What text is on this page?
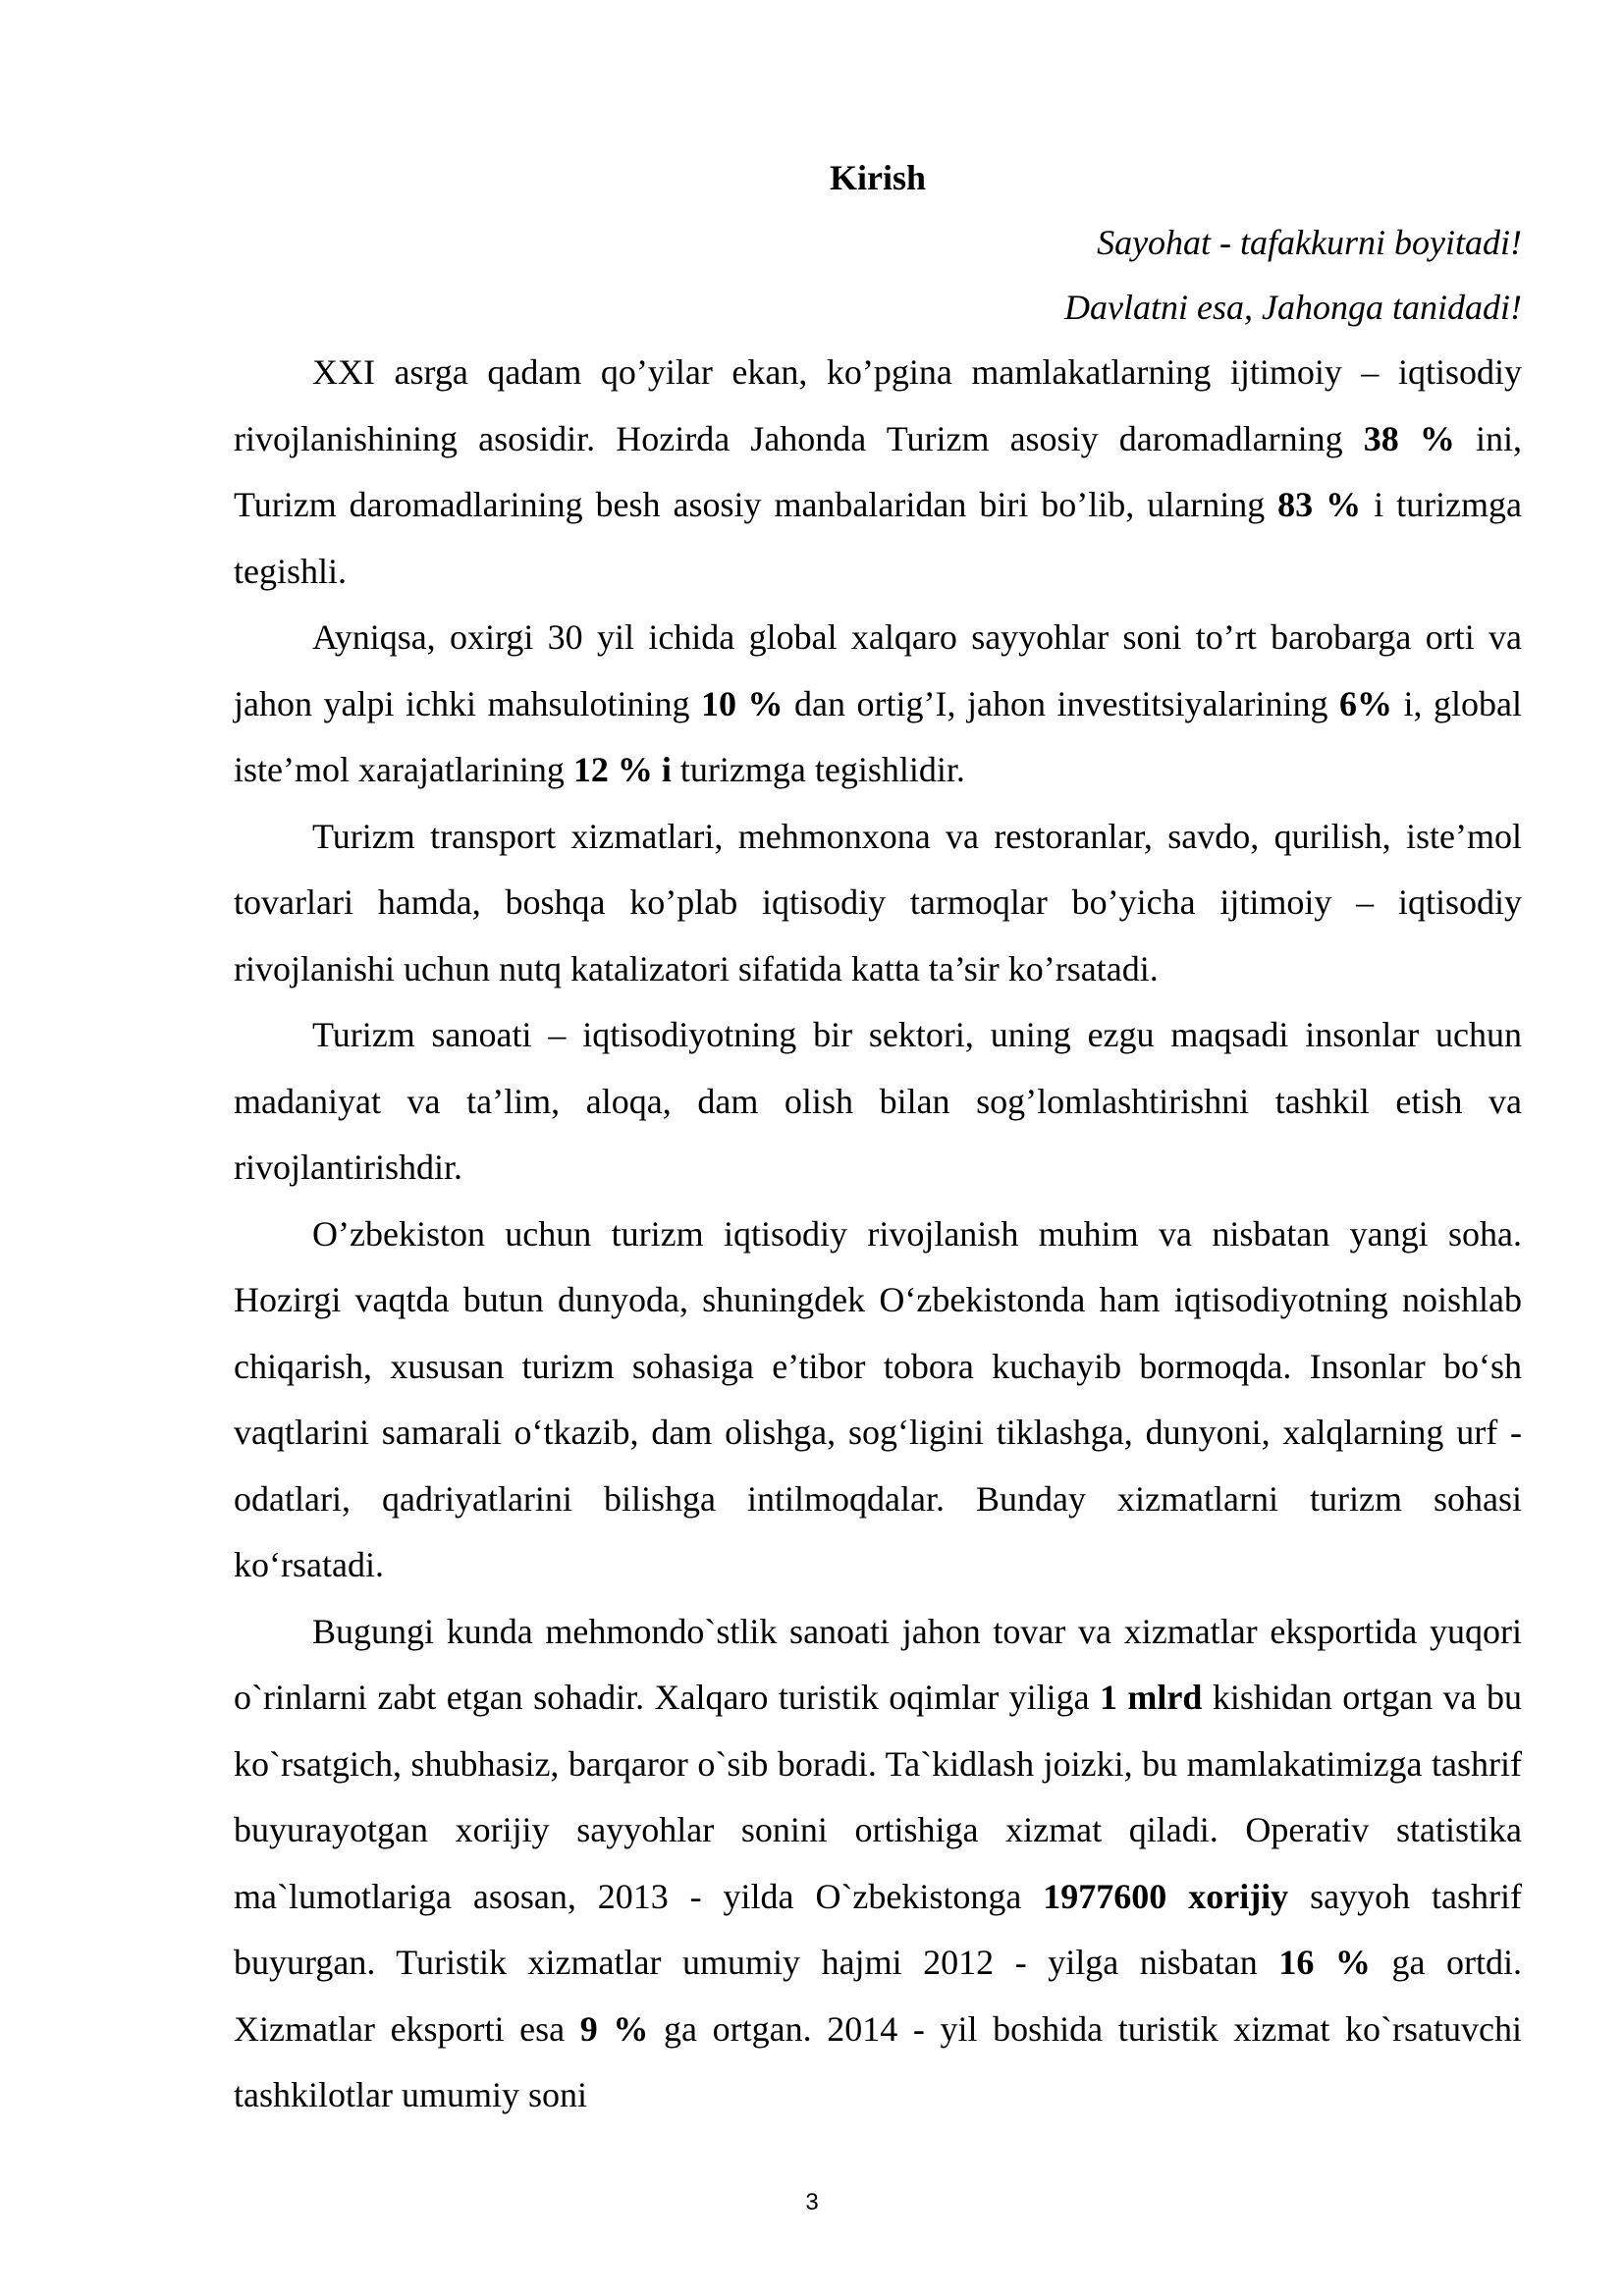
Kirish

Sayohat - tafakkurni boyitadi!

Davlatni esa, Jahonga tanidadi!

XXI asrga qadam qo’yilar ekan, ko’pgina mamlakatlarning ijtimoiy – iqtisodiy rivojlanishining asosidir. Hozirda Jahonda Turizm asosiy daromadlarning 38 % ini, Turizm daromadlarining besh asosiy manbalaridan biri bo’lib, ularning 83 % i turizmga tegishli.

Ayniqsa, oxirgi 30 yil ichida global xalqaro sayyohlar soni to’rt barobarga orti va jahon yalpi ichki mahsulotining 10 % dan ortig’I, jahon investitsiyalarining 6% i, global iste’mol xarajatlarining 12 % i turizmga tegishlidir.

Turizm transport xizmatlari, mehmonxona va restoranlar, savdo, qurilish, iste’mol tovarlari hamda, boshqa ko’plab iqtisodiy tarmoqlar bo’yicha ijtimoiy – iqtisodiy rivojlanishi uchun nutq katalizatori sifatida katta ta’sir ko’rsatadi.

Turizm sanoati – iqtisodiyotning bir sektori, uning ezgu maqsadi insonlar uchun madaniyat va ta’lim, aloqa, dam olish bilan sog’lomlashtirishni tashkil etish va rivojlantirishdir.

O’zbekiston uchun turizm iqtisodiy rivojlanish muhim va nisbatan yangi soha. Hozirgi vaqtda butun dunyoda, shuningdek O‘zbekistonda ham iqtisodiyotning noishlab chiqarish, xususan turizm sohasiga e’tibor tobora kuchayib bormoqda. Insonlar bo‘sh vaqtlarini samarali o‘tkazib, dam olishga, sog‘ligini tiklashga, dunyoni, xalqlarning urf - odatlari, qadriyatlarini bilishga intilmoqdalar. Bunday xizmatlarni turizm sohasi ko‘rsatadi.

Bugungi kunda mehmondo`stlik sanoati jahon tovar va xizmatlar eksportida yuqori o`rinlarni zabt etgan sohadir. Xalqaro turistik oqimlar yiliga 1 mlrd kishidan ortgan va bu ko`rsatgich, shubhasiz, barqaror o`sib boradi. Ta`kidlash joizki, bu mamlakatimizga tashrif buyurayotgan xorijiy sayyohlar sonini ortishiga xizmat qiladi. Operativ statistika ma`lumotlariga asosan, 2013 - yilda O`zbekistonga 1977600 xorijiy sayyoh tashrif buyurgan. Turistik xizmatlar umumiy hajmi 2012 - yilga nisbatan 16 % ga ortdi. Xizmatlar eksporti esa 9 % ga ortgan. 2014 - yil boshida turistik xizmat ko`rsatuvchi tashkilotlar umumiy soni

3
